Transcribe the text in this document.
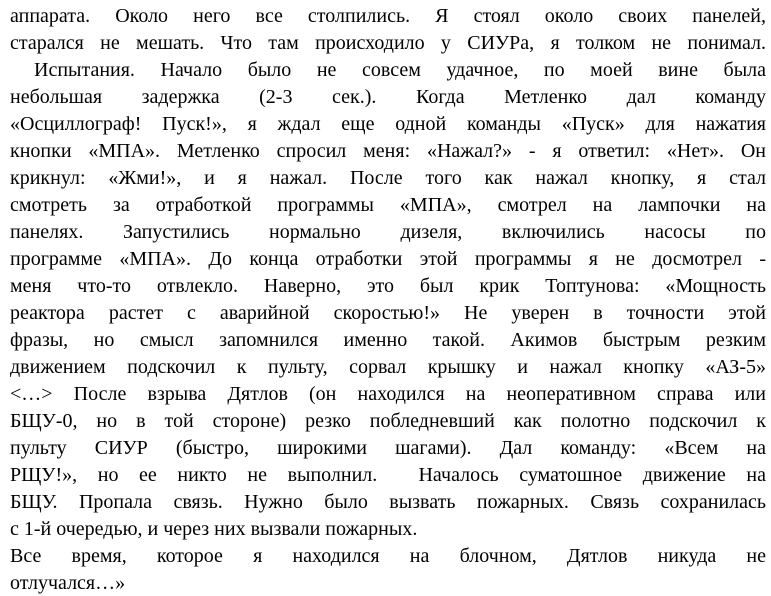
аппарата. Около него все столпились. Я стоял около своих панелей,
старался не мешать. Что там происходило у СИУРа, я толком не понимал.
Испытания. Начало было не совсем удачное, по моей вине была
небольшая задержка (2-3 сек.). Когда Метленко дал команду
«Осциллограф! Пуск!», я ждал еще одной команды «Пуск» для нажатия
кнопки «МПА». Метленко спросил меня: «Нажал?» - я ответил: «Нет». Он
крикнул: «Жми!», и я нажал. После того как нажал кнопку, я стал
смотреть за отработкой программы «МПА», смотрел на лампочки на
панелях. Запустились нормально дизеля, включились насосы по
программе «МПА». До конца отработки этой программы я не досмотрел -
меня что-то отвлекло. Наверно, это был крик Топтунова: «Мощность
реактора растет с аварийной скоростью!» Не уверен в точности этой
фразы, но смысл запомнился именно такой. Акимов быстрым резким
движением подскочил к пульту, сорвал крышку и нажал кнопку «АЗ-5»
<…> После взрыва Дятлов (он находился на неоперативном справа или
БЩУ-0, но в той стороне) резко побледневший как полотно подскочил к
пульту СИУР (быстро, широкими шагами). Дал команду: «Всем на
РЩУ!», но ее никто не выполнил.  Началось суматошное движение на
БЩУ. Пропала связь. Нужно было вызвать пожарных. Связь сохранилась
с 1-й очередью, и через них вызвали пожарных.
Все время, которое я находился на блочном, Дятлов никуда не
отлучался…»
